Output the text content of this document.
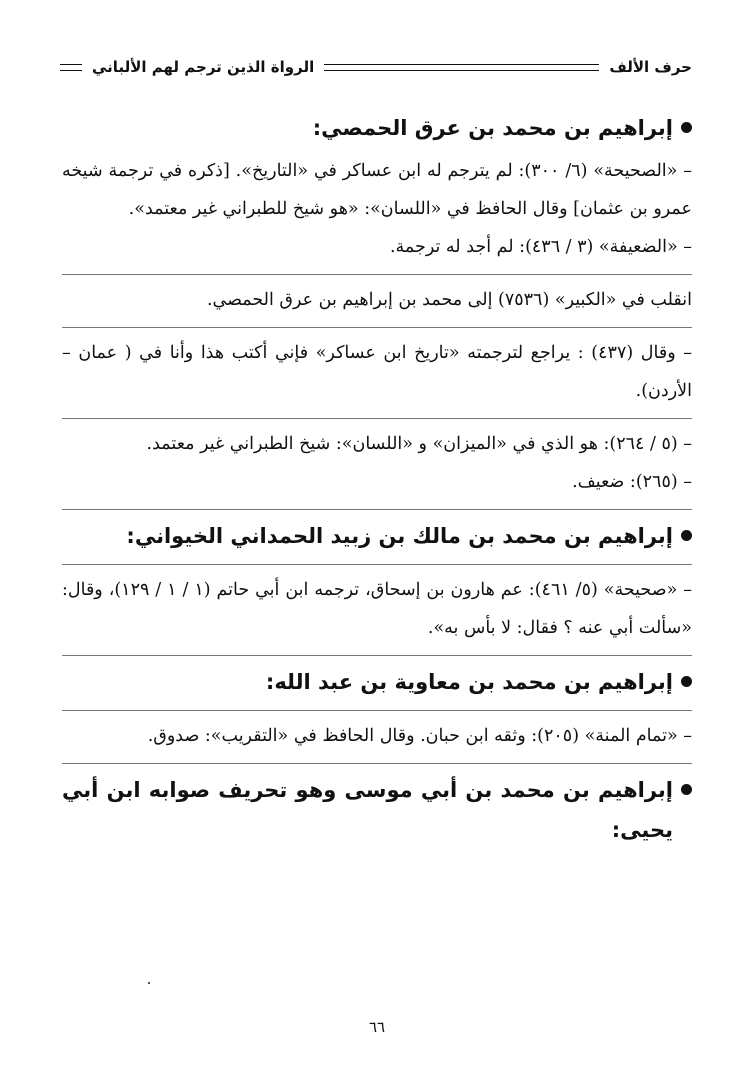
حرف الألف
الرواة الذين ترجم لهم الألباني
إبراهيم بن محمد بن عرق الحمصي:

– «الصحيحة» (٦/ ٣٠٠): لم يترجم له ابن عساكر في «التاريخ». [ذكره في ترجمة شيخه عمرو بن عثمان] وقال الحافظ في «اللسان»: «هو شيخ للطبراني غير معتمد».

– «الضعيفة» (٣ / ٤٣٦): لم أجد له ترجمة.

انقلب في «الكبير» (٧٥٣٦) إلى محمد بن إبراهيم بن عرق الحمصي.

– وقال (٤٣٧) : يراجع لترجمته «تاريخ ابن عساكر» فإني أكتب هذا وأنا في ( عمان – الأردن).

– (٥ / ٢٦٤): هو الذي في «الميزان» و «اللسان»: شيخ الطبراني غير معتمد.

– (٢٦٥): ضعيف.

إبراهيم بن محمد بن مالك بن زبيد الحمداني الخيواني:

– «صحيحة» (٥/ ٤٦١): عم هارون بن إسحاق، ترجمه ابن أبي حاتم (١ / ١ / ١٢٩)، وقال: «سألت أبي عنه ؟ فقال: لا بأس به».

إبراهيم بن محمد بن معاوية بن عبد الله:

– «تمام المنة» (٢٠٥): وثقه ابن حبان. وقال الحافظ في «التقريب»: صدوق.

إبراهيم بن محمد بن أبي موسى وهو تحريف صوابه ابن أبي يحيى:
٦٦
